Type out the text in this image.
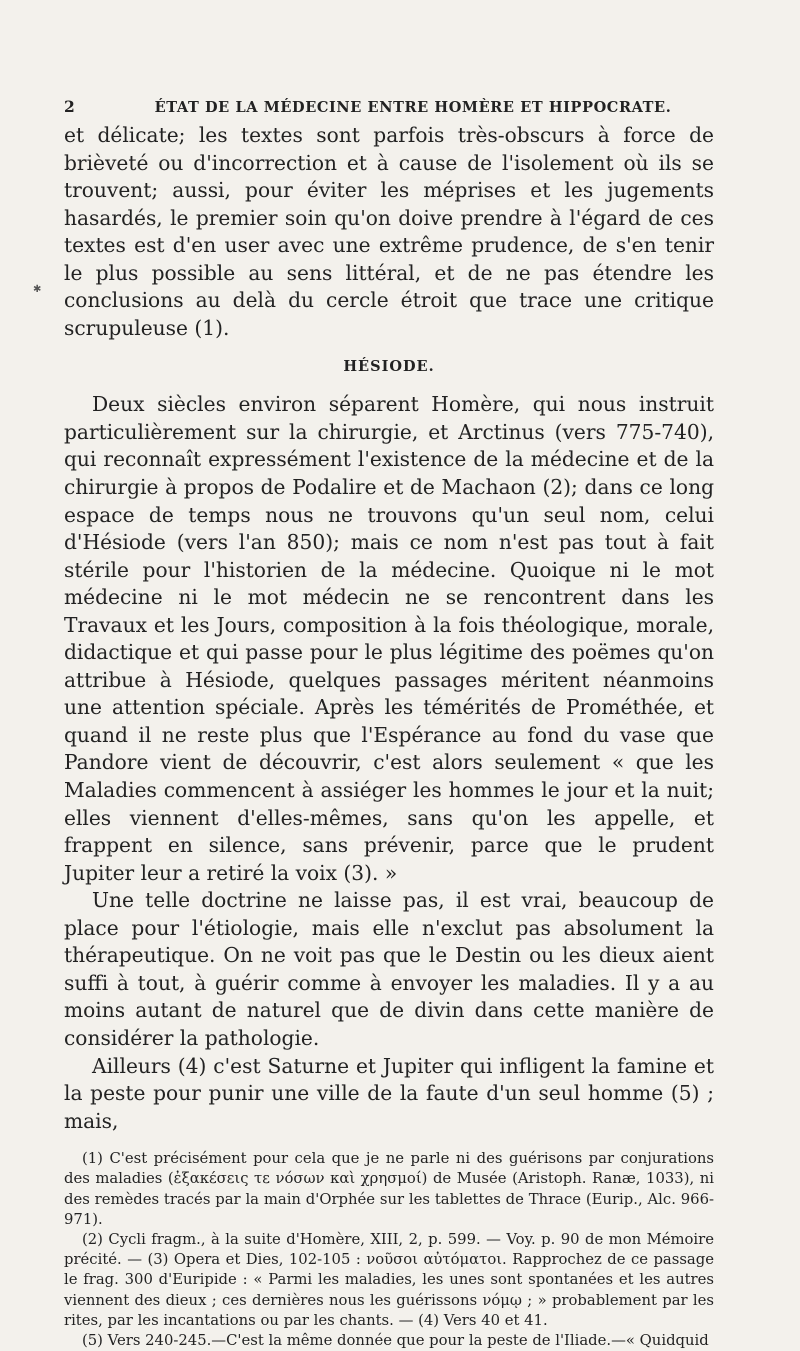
2	ÉTAT DE LA MÉDECINE ENTRE HOMÈRE ET HIPPOCRATE.
✱

et délicate; les textes sont parfois très-obscurs à force de brièveté ou d'incorrection et à cause de l'isolement où ils se trouvent; aussi, pour éviter les méprises et les jugements hasardés, le premier soin qu'on doive prendre à l'égard de ces textes est d'en user avec une extrême prudence, de s'en tenir le plus possible au sens littéral, et de ne pas étendre les conclusions au delà du cercle étroit que trace une critique scrupuleuse (1).

HÉSIODE.

Deux siècles environ séparent Homère, qui nous instruit particulièrement sur la chirurgie, et Arctinus (vers 775-740), qui reconnaît expressément l'existence de la médecine et de la chirurgie à propos de Podalire et de Machaon (2); dans ce long espace de temps nous ne trouvons qu'un seul nom, celui d'Hésiode (vers l'an 850); mais ce nom n'est pas tout à fait stérile pour l'historien de la médecine. Quoique ni le mot médecine ni le mot médecin ne se rencontrent dans les Travaux et les Jours, composition à la fois théologique, morale, didactique et qui passe pour le plus légitime des poëmes qu'on attribue à Hésiode, quelques passages méritent néanmoins une attention spéciale. Après les témérités de Prométhée, et quand il ne reste plus que l'Espérance au fond du vase que Pandore vient de découvrir, c'est alors seulement « que les Maladies commencent à assiéger les hommes le jour et la nuit; elles viennent d'elles-mêmes, sans qu'on les appelle, et frappent en silence, sans prévenir, parce que le prudent Jupiter leur a retiré la voix (3). »

Une telle doctrine ne laisse pas, il est vrai, beaucoup de place pour l'étiologie, mais elle n'exclut pas absolument la thérapeutique. On ne voit pas que le Destin ou les dieux aient suffi à tout, à guérir comme à envoyer les maladies. Il y a au moins autant de naturel que de divin dans cette manière de considérer la pathologie.

Ailleurs (4) c'est Saturne et Jupiter qui infligent la famine et la peste pour punir une ville de la faute d'un seul homme (5) ; mais,

(1) C'est précisément pour cela que je ne parle ni des guérisons par conjurations des maladies (ἐξακέσεις τε νόσων καὶ χρησμοί) de Musée (Aristoph. Ranæ, 1033), ni des remèdes tracés par la main d'Orphée sur les tablettes de Thrace (Eurip., Alc. 966-971).

(2) Cycli fragm., à la suite d'Homère, XIII, 2, p. 599. — Voy. p. 90 de mon Mémoire précité. — (3) Opera et Dies, 102-105 : νοῦσοι αὐτόματοι. Rapprochez de ce passage le frag. 300 d'Euripide : « Parmi les maladies, les unes sont spontanées et les autres viennent des dieux ; ces dernières nous les guérissons νόμῳ ; » probablement par les rites, par les incantations ou par les chants. — (4) Vers 40 et 41.

(5) Vers 240-245.—C'est la même donnée que pour la peste de l'Iliade.—« Quidquid
